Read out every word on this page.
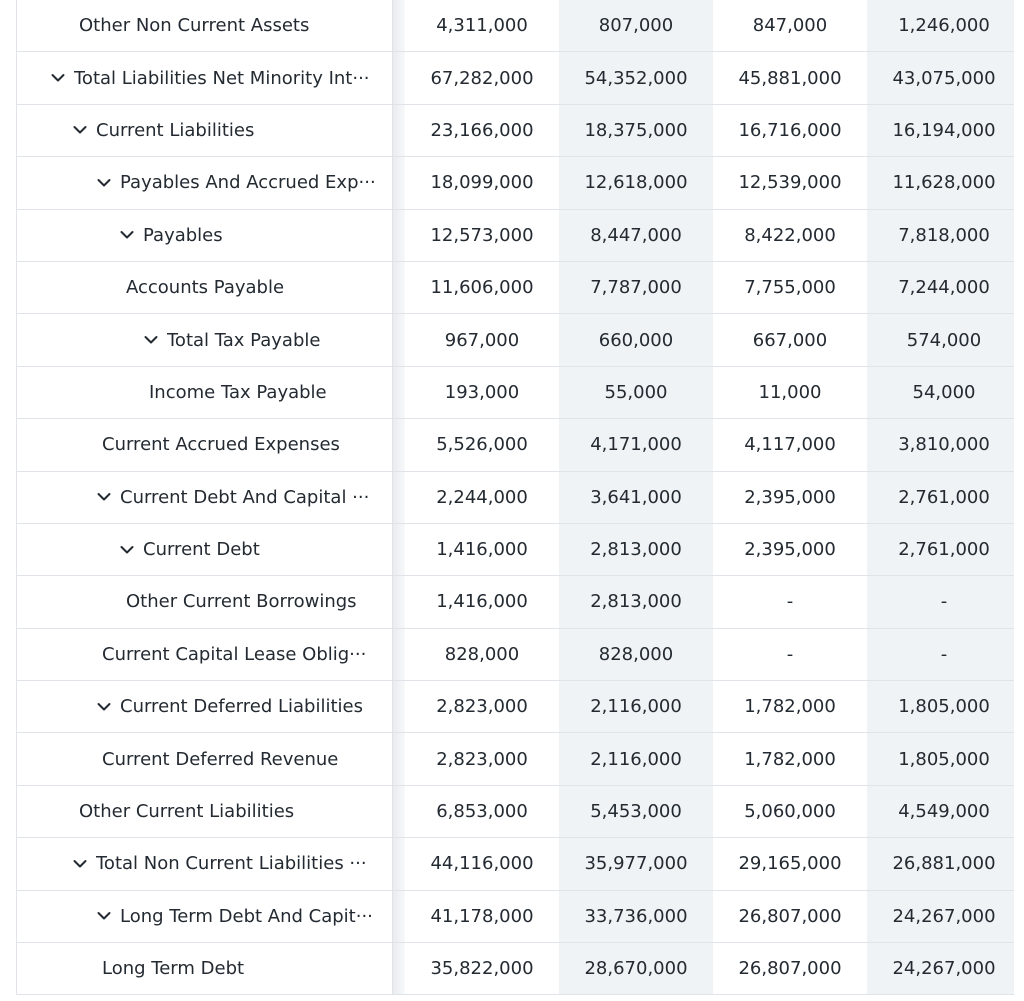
Other Non Current Assets	4,311,000	807,000	847,000	1,246,000
Total Liabilities Net Minority Int···	67,282,000	54,352,000	45,881,000	43,075,000
Current Liabilities	23,166,000	18,375,000	16,716,000	16,194,000
Payables And Accrued Exp···	18,099,000	12,618,000	12,539,000	11,628,000
Payables	12,573,000	8,447,000	8,422,000	7,818,000
Accounts Payable	11,606,000	7,787,000	7,755,000	7,244,000
Total Tax Payable	967,000	660,000	667,000	574,000
Income Tax Payable	193,000	55,000	11,000	54,000
Current Accrued Expenses	5,526,000	4,171,000	4,117,000	3,810,000
Current Debt And Capital ···	2,244,000	3,641,000	2,395,000	2,761,000
Current Debt	1,416,000	2,813,000	2,395,000	2,761,000
Other Current Borrowings	1,416,000	2,813,000	-	-
Current Capital Lease Oblig···	828,000	828,000	-	-
Current Deferred Liabilities	2,823,000	2,116,000	1,782,000	1,805,000
Current Deferred Revenue	2,823,000	2,116,000	1,782,000	1,805,000
Other Current Liabilities	6,853,000	5,453,000	5,060,000	4,549,000
Total Non Current Liabilities ···	44,116,000	35,977,000	29,165,000	26,881,000
Long Term Debt And Capit···	41,178,000	33,736,000	26,807,000	24,267,000
Long Term Debt	35,822,000	28,670,000	26,807,000	24,267,000
